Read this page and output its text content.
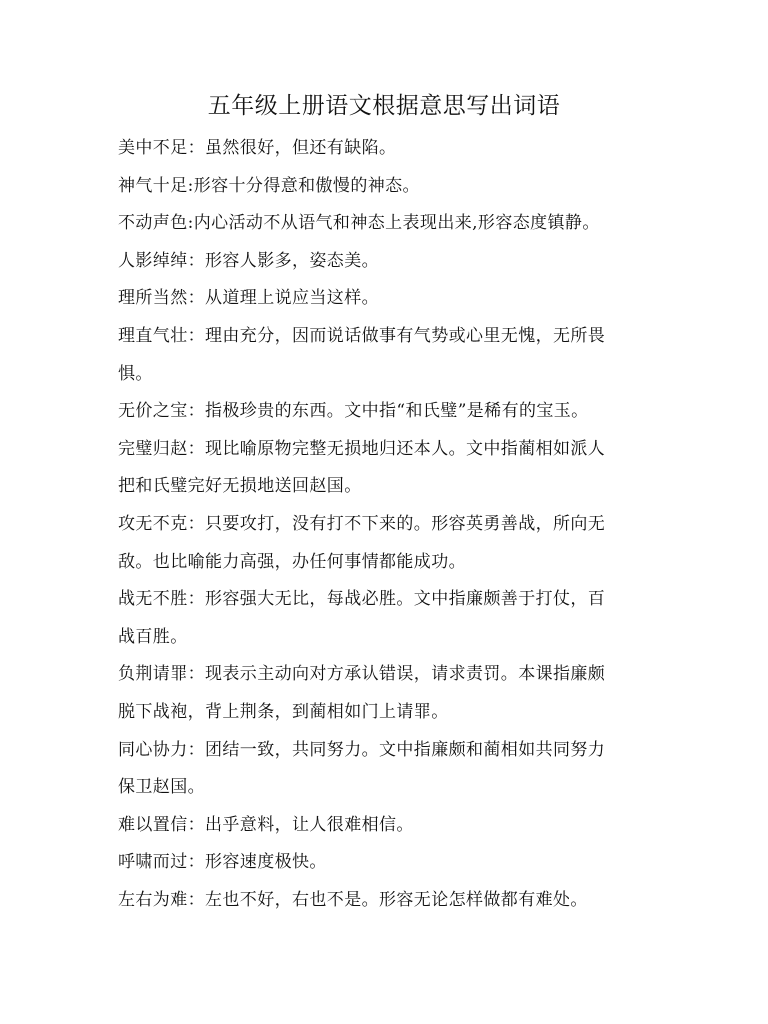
五年级上册语文根据意思写出词语
美中不足：虽然很好，但还有缺陷。
神气十足:形容十分得意和傲慢的神态。
不动声色:内心活动不从语气和神态上表现出来,形容态度镇静。
人影绰绰：形容人影多，姿态美。
理所当然：从道理上说应当这样。
理直气壮：理由充分，因而说话做事有气势或心里无愧，无所畏
惧。
无价之宝：指极珍贵的东西。文中指“和氏璧”是稀有的宝玉。
完璧归赵：现比喻原物完整无损地归还本人。文中指蔺相如派人
把和氏璧完好无损地送回赵国。
攻无不克：只要攻打，没有打不下来的。形容英勇善战，所向无
敌。也比喻能力高强，办任何事情都能成功。
战无不胜：形容强大无比，每战必胜。文中指廉颇善于打仗，百
战百胜。
负荆请罪：现表示主动向对方承认错误，请求责罚。本课指廉颇
脱下战袍，背上荆条，到蔺相如门上请罪。
同心协力：团结一致，共同努力。文中指廉颇和蔺相如共同努力
保卫赵国。
难以置信：出乎意料，让人很难相信。
呼啸而过：形容速度极快。
左右为难：左也不好，右也不是。形容无论怎样做都有难处。
